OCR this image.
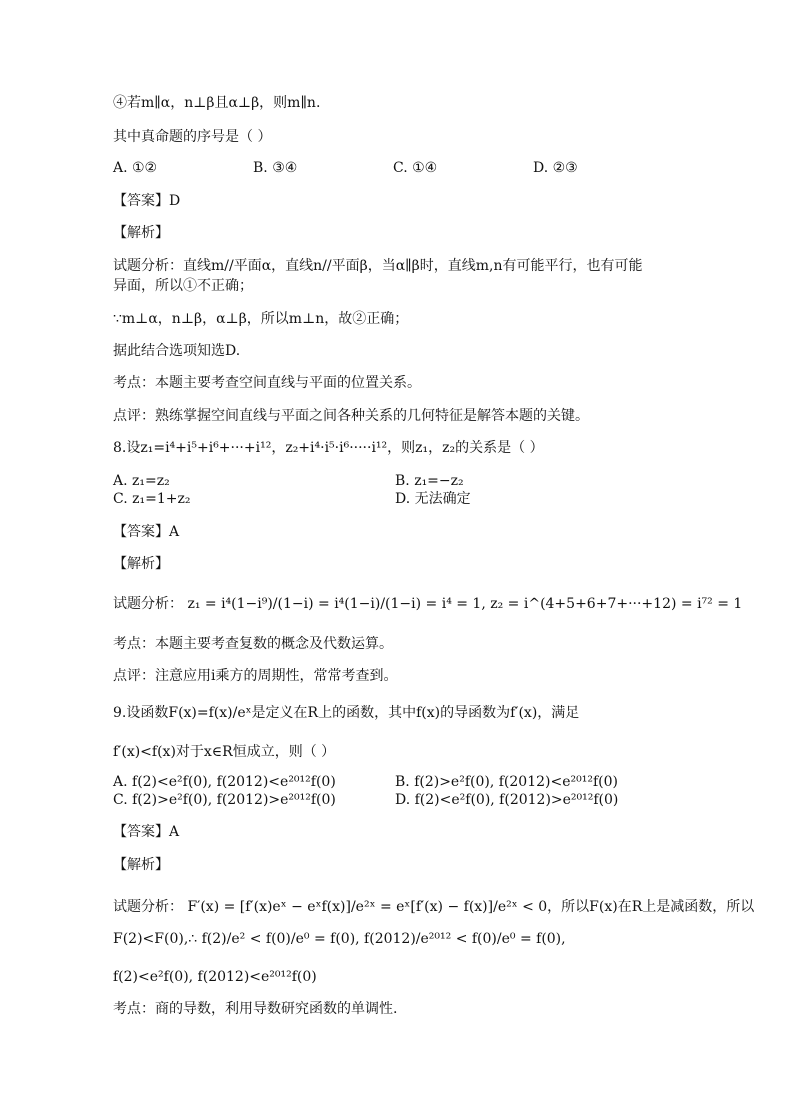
④若m∥α，n⊥β且α⊥β，则m∥n.
其中真命题的序号是（ ）
A. ①②	B. ③④	C. ①④	D. ②③
【答案】D
【解析】
试题分析：直线m//平面α，直线n//平面β，当α∥β时，直线m,n有可能平行，也有可能
异面，所以①不正确；
∵m⊥α，n⊥β，α⊥β，所以m⊥n，故②正确；
据此结合选项知选D.
考点：本题主要考查空间直线与平面的位置关系。
点评：熟练掌握空间直线与平面之间各种关系的几何特征是解答本题的关键。
8.设z₁=i⁴+i⁵+i⁶+···+i¹²，z₂+i⁴·i⁵·i⁶·····i¹²，则z₁，z₂的关系是（ ）
A. z₁=z₂	B. z₁=−z₂
C. z₁=1+z₂	D. 无法确定
【答案】A
【解析】
试题分析： z₁ = i⁴(1−i⁹)/(1−i) = i⁴(1−i)/(1−i) = i⁴ = 1, z₂ = i^(4+5+6+7+···+12) = i⁷² = 1
考点：本题主要考查复数的概念及代数运算。
点评：注意应用i乘方的周期性，常常考查到。
9.设函数F(x)=f(x)/eˣ是定义在R上的函数，其中f(x)的导函数为f′(x)，满足
f′(x)<f(x)对于x∈R恒成立，则（ ）
A. f(2)<e²f(0), f(2012)<e²⁰¹²f(0)	B. f(2)>e²f(0), f(2012)<e²⁰¹²f(0)
C. f(2)>e²f(0), f(2012)>e²⁰¹²f(0)	D. f(2)<e²f(0), f(2012)>e²⁰¹²f(0)
【答案】A
【解析】
试题分析： F′(x) = [f′(x)eˣ − eˣf(x)]/e²ˣ = eˣ[f′(x) − f(x)]/e²ˣ < 0，所以F(x)在R上是减函数，所以
F(2)<F(0),∴ f(2)/e² < f(0)/e⁰ = f(0), f(2012)/e²⁰¹² < f(0)/e⁰ = f(0),
f(2)<e²f(0), f(2012)<e²⁰¹²f(0)
考点：商的导数，利用导数研究函数的单调性.
